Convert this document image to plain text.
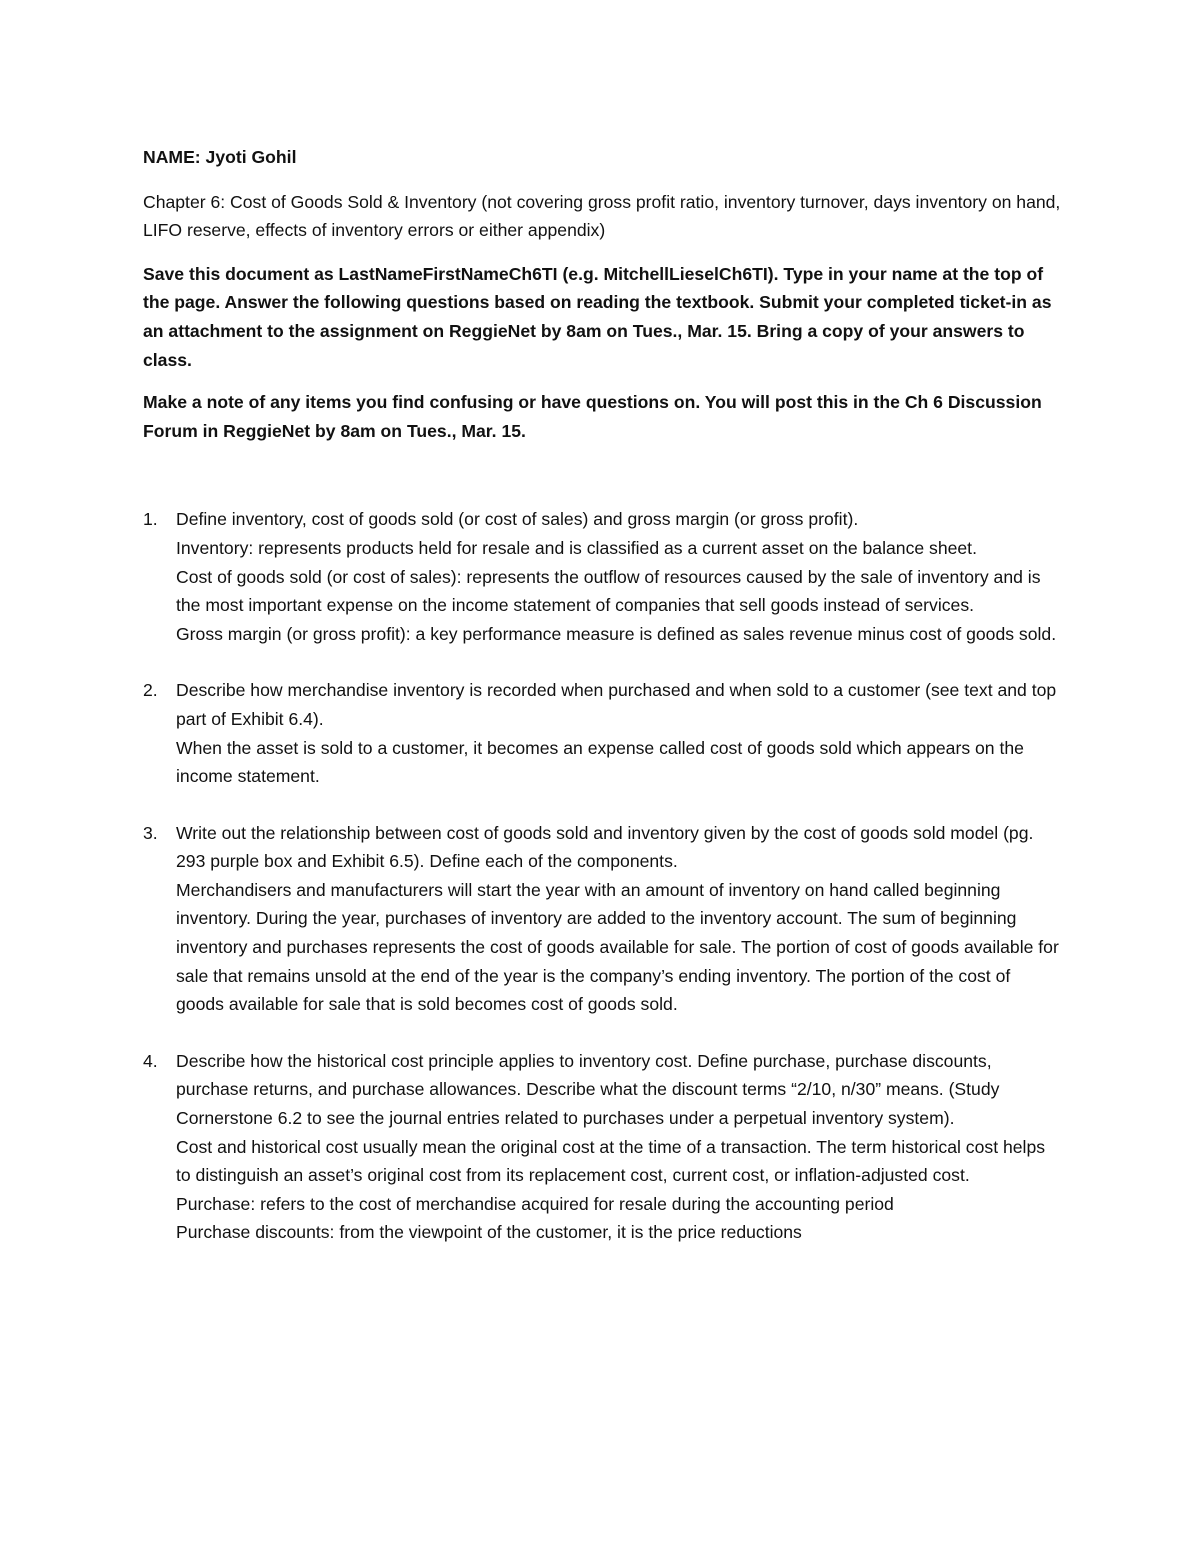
NAME: Jyoti Gohil

Chapter 6: Cost of Goods Sold & Inventory (not covering gross profit ratio, inventory turnover, days inventory on hand, LIFO reserve, effects of inventory errors or either appendix)

Save this document as LastNameFirstNameCh6TI (e.g. MitchellLieselCh6TI). Type in your name at the top of the page. Answer the following questions based on reading the textbook. Submit your completed ticket-in as an attachment to the assignment on ReggieNet by 8am on Tues., Mar. 15. Bring a copy of your answers to class.

Make a note of any items you find confusing or have questions on. You will post this in the Ch 6 Discussion Forum in ReggieNet by 8am on Tues., Mar. 15.

1. Define inventory, cost of goods sold (or cost of sales) and gross margin (or gross profit).
Inventory: represents products held for resale and is classified as a current asset on the balance sheet.
Cost of goods sold (or cost of sales): represents the outflow of resources caused by the sale of inventory and is the most important expense on the income statement of companies that sell goods instead of services.
Gross margin (or gross profit): a key performance measure is defined as sales revenue minus cost of goods sold.
2. Describe how merchandise inventory is recorded when purchased and when sold to a customer (see text and top part of Exhibit 6.4).
When the asset is sold to a customer, it becomes an expense called cost of goods sold which appears on the income statement.
3. Write out the relationship between cost of goods sold and inventory given by the cost of goods sold model (pg. 293 purple box and Exhibit 6.5). Define each of the components.
Merchandisers and manufacturers will start the year with an amount of inventory on hand called beginning inventory. During the year, purchases of inventory are added to the inventory account. The sum of beginning inventory and purchases represents the cost of goods available for sale. The portion of cost of goods available for sale that remains unsold at the end of the year is the company’s ending inventory. The portion of the cost of goods available for sale that is sold becomes cost of goods sold.
4. Describe how the historical cost principle applies to inventory cost. Define purchase, purchase discounts, purchase returns, and purchase allowances. Describe what the discount terms “2/10, n/30” means. (Study Cornerstone 6.2 to see the journal entries related to purchases under a perpetual inventory system).
Cost and historical cost usually mean the original cost at the time of a transaction. The term historical cost helps to distinguish an asset’s original cost from its replacement cost, current cost, or inflation-adjusted cost.
Purchase: refers to the cost of merchandise acquired for resale during the accounting period
Purchase discounts: from the viewpoint of the customer, it is the price reductions
